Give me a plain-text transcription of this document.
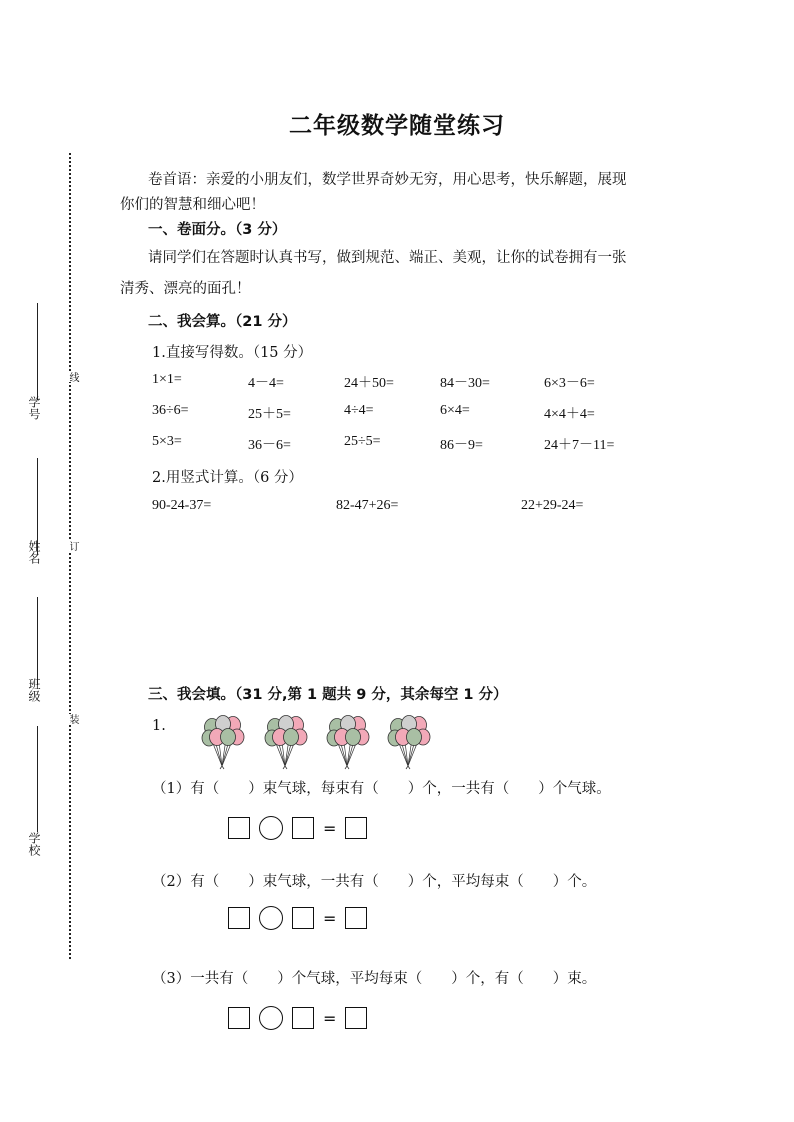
线
订
装
学号
姓名
班级
学校
二年级数学随堂练习
卷首语：亲爱的小朋友们，数学世界奇妙无穷，用心思考，快乐解题，展现
你们的智慧和细心吧！
一、卷面分。（3 分）
请同学们在答题时认真书写，做到规范、端正、美观，让你的试卷拥有一张
清秀、漂亮的面孔！
二、我会算。（21 分）
1.直接写得数。（15 分）
1×1=	4－4=	24＋50=	84－30=	6×3－6=
36÷6=	25＋5=	4÷4=	6×4=	4×4＋4=
5×3=	36－6=	25÷5=	86－9=	24＋7－11=
2.用竖式计算。（6 分）
90-24-37=	82-47+26=	22+29-24=
三、我会填。（31 分,第 1 题共 9 分，其余每空 1 分）
1.
（1）有（　　）束气球，每束有（　　）个，一共有（　　）个气球。
=
（2）有（　　）束气球，一共有（　　）个，平均每束（　　）个。
=
（3）一共有（　　）个气球，平均每束（　　）个，有（　　）束。
=
